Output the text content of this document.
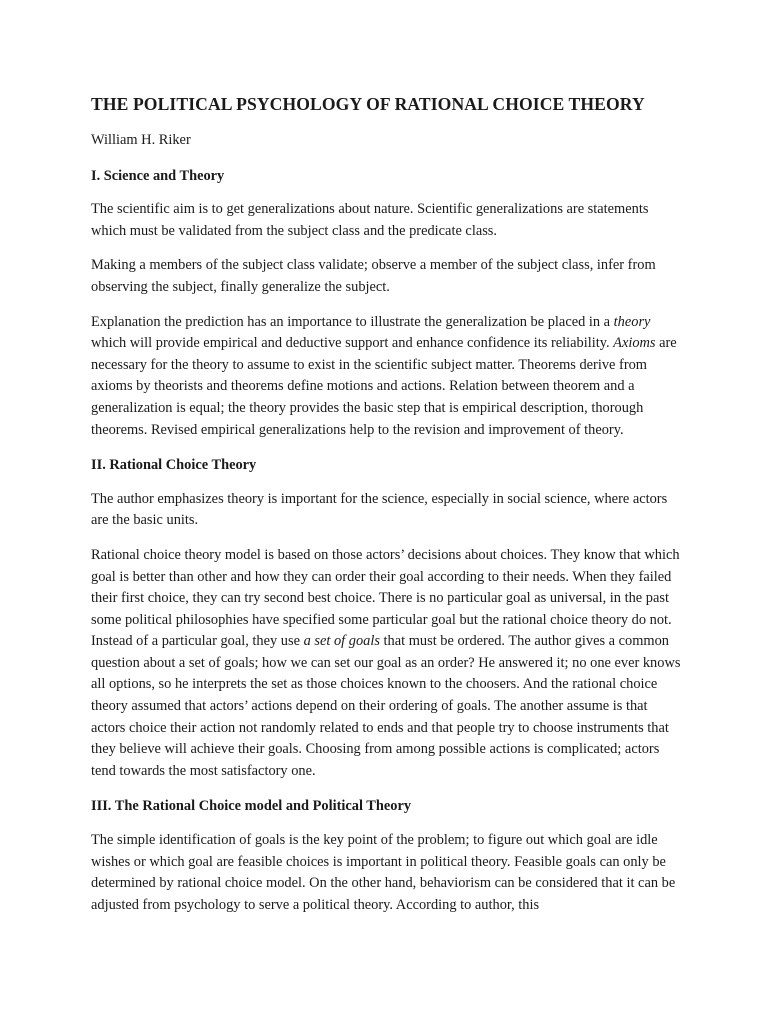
THE POLITICAL PSYCHOLOGY OF RATIONAL CHOICE THEORY
William H. Riker
I. Science and Theory

The scientific aim is to get generalizations about nature. Scientific generalizations are statements which must be validated from the subject class and the predicate class.

Making a members of the subject class validate; observe a member of the subject class, infer from observing the subject, finally generalize the subject.

Explanation the prediction has an importance to illustrate the generalization be placed in a theory which will provide empirical and deductive support and enhance confidence its reliability. Axioms are necessary for the theory to assume to exist in the scientific subject matter. Theorems derive from axioms by theorists and theorems define motions and actions. Relation between theorem and a generalization is equal; the theory provides the basic step that is empirical description, thorough theorems. Revised empirical generalizations help to the revision and improvement of theory.

II. Rational Choice Theory

The author emphasizes theory is important for the science, especially in social science, where actors are the basic units.

Rational choice theory model is based on those actors’ decisions about choices. They know that which goal is better than other and how they can order their goal according to their needs. When they failed their first choice, they can try second best choice. There is no particular goal as universal, in the past some political philosophies have specified some particular goal but the rational choice theory do not. Instead of a particular goal, they use a set of goals that must be ordered. The author gives a common question about a set of goals; how we can set our goal as an order? He answered it; no one ever knows all options, so he interprets the set as those choices known to the choosers. And the rational choice theory assumed that actors’ actions depend on their ordering of goals. The another assume is that actors choice their action not randomly related to ends and that people try to choose instruments that they believe will achieve their goals. Choosing from among possible actions is complicated; actors tend towards the most satisfactory one.

III. The Rational Choice model and Political Theory

The simple identification of goals is the key point of the problem; to figure out which goal are idle wishes or which goal are feasible choices is important in political theory. Feasible goals can only be determined by rational choice model. On the other hand, behaviorism can be considered that it can be adjusted from psychology to serve a political theory. According to author, this
